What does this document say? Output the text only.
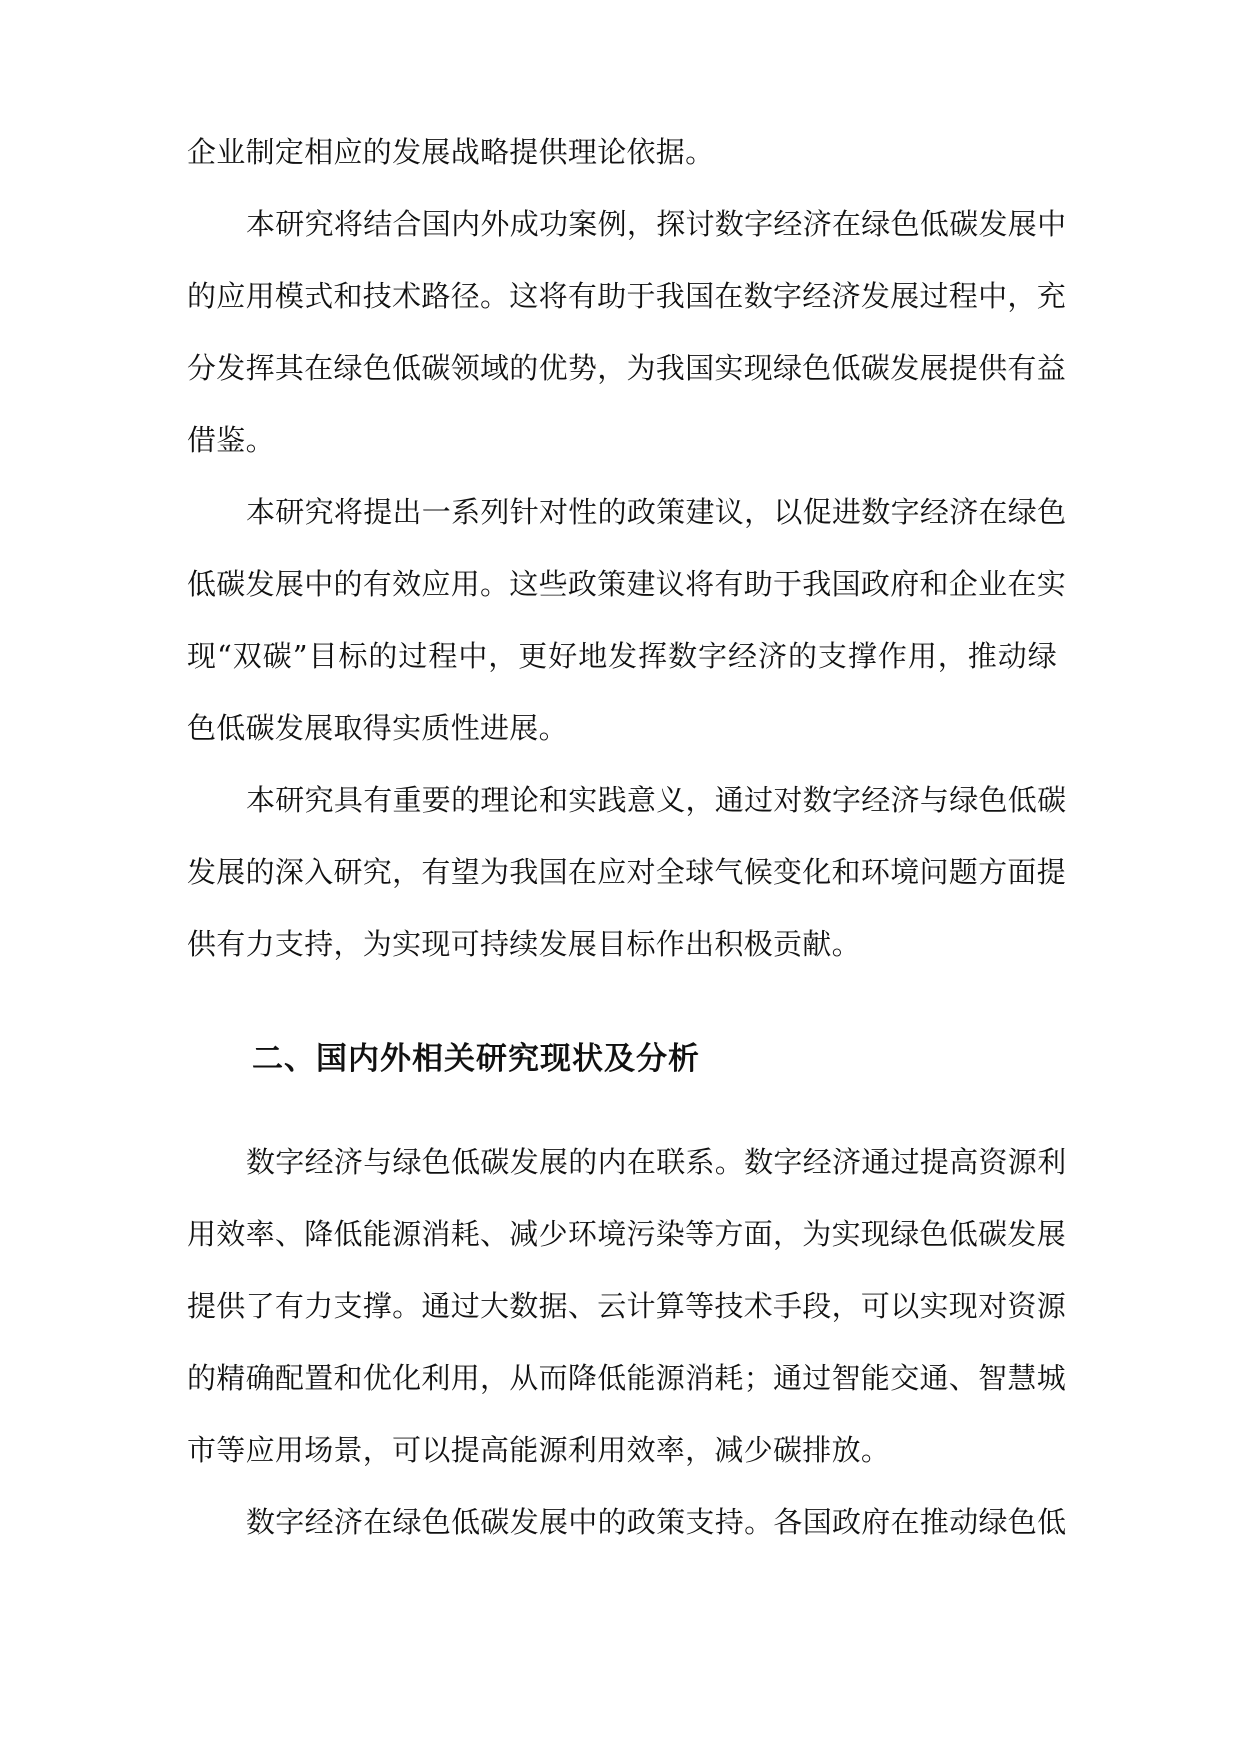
企业制定相应的发展战略提供理论依据。
本研究将结合国内外成功案例，探讨数字经济在绿色低碳发展中
的应用模式和技术路径。这将有助于我国在数字经济发展过程中，充
分发挥其在绿色低碳领域的优势，为我国实现绿色低碳发展提供有益
借鉴。
本研究将提出一系列针对性的政策建议，以促进数字经济在绿色
低碳发展中的有效应用。这些政策建议将有助于我国政府和企业在实
现“双碳”目标的过程中，更好地发挥数字经济的支撑作用，推动绿
色低碳发展取得实质性进展。
本研究具有重要的理论和实践意义，通过对数字经济与绿色低碳
发展的深入研究，有望为我国在应对全球气候变化和环境问题方面提
供有力支持，为实现可持续发展目标作出积极贡献。
二、国内外相关研究现状及分析
数字经济与绿色低碳发展的内在联系。数字经济通过提高资源利
用效率、降低能源消耗、减少环境污染等方面，为实现绿色低碳发展
提供了有力支撑。通过大数据、云计算等技术手段，可以实现对资源
的精确配置和优化利用，从而降低能源消耗；通过智能交通、智慧城
市等应用场景，可以提高能源利用效率，减少碳排放。
数字经济在绿色低碳发展中的政策支持。各国政府在推动绿色低
